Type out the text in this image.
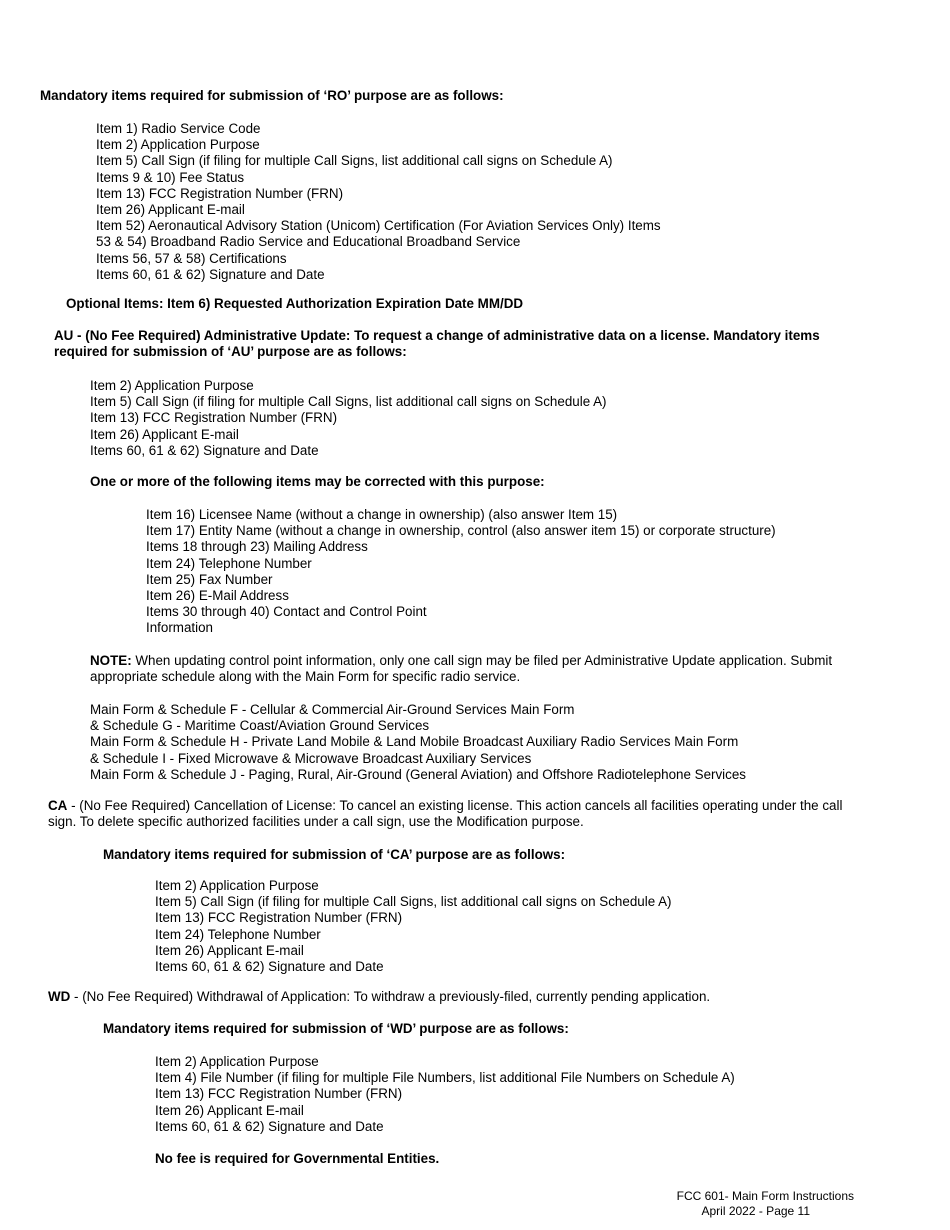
Mandatory items required for submission of ‘RO’ purpose are as follows:
Item 1) Radio Service Code
Item 2) Application Purpose
Item 5) Call Sign (if filing for multiple Call Signs, list additional call signs on Schedule A)
Items 9 & 10) Fee Status
Item 13) FCC Registration Number (FRN)
Item 26) Applicant E-mail
Item 52) Aeronautical Advisory Station (Unicom) Certification (For Aviation Services Only) Items
53 & 54) Broadband Radio Service and Educational Broadband Service
Items 56, 57 & 58) Certifications
Items 60, 61 & 62) Signature and Date
Optional Items: Item 6) Requested Authorization Expiration Date MM/DD
AU - (No Fee Required) Administrative Update: To request a change of administrative data on a license. Mandatory items
required for submission of ‘AU’ purpose are as follows:
Item 2) Application Purpose
Item 5) Call Sign (if filing for multiple Call Signs, list additional call signs on Schedule A)
Item 13) FCC Registration Number (FRN)
Item 26) Applicant E-mail
Items 60, 61 & 62) Signature and Date
One or more of the following items may be corrected with this purpose:
Item 16) Licensee Name (without a change in ownership) (also answer Item 15)
Item 17) Entity Name (without a change in ownership, control (also answer item 15) or corporate structure)
Items 18 through 23) Mailing Address
Item 24) Telephone Number
Item 25) Fax Number
Item 26) E-Mail Address
Items 30 through 40) Contact and Control Point
Information
NOTE: When updating control point information, only one call sign may be filed per Administrative Update application. Submit
appropriate schedule along with the Main Form for specific radio service.
Main Form & Schedule F - Cellular & Commercial Air-Ground Services Main Form
& Schedule G - Maritime Coast/Aviation Ground Services
Main Form & Schedule H - Private Land Mobile & Land Mobile Broadcast Auxiliary Radio Services Main Form
& Schedule I - Fixed Microwave & Microwave Broadcast Auxiliary Services
Main Form & Schedule J - Paging, Rural, Air-Ground (General Aviation) and Offshore Radiotelephone Services
CA - (No Fee Required) Cancellation of License: To cancel an existing license. This action cancels all facilities operating under the call
sign. To delete specific authorized facilities under a call sign, use the Modification purpose.
Mandatory items required for submission of ‘CA’ purpose are as follows:
Item 2) Application Purpose
Item 5) Call Sign (if filing for multiple Call Signs, list additional call signs on Schedule A)
Item 13) FCC Registration Number (FRN)
Item 24) Telephone Number
Item 26) Applicant E-mail
Items 60, 61 & 62) Signature and Date
WD - (No Fee Required) Withdrawal of Application: To withdraw a previously-filed, currently pending application.
Mandatory items required for submission of ‘WD’ purpose are as follows:
Item 2) Application Purpose
Item 4) File Number (if filing for multiple File Numbers, list additional File Numbers on Schedule A)
Item 13) FCC Registration Number (FRN)
Item 26) Applicant E-mail
Items 60, 61 & 62) Signature and Date
No fee is required for Governmental Entities.
FCC 601- Main Form Instructions
April 2022 - Page 11
